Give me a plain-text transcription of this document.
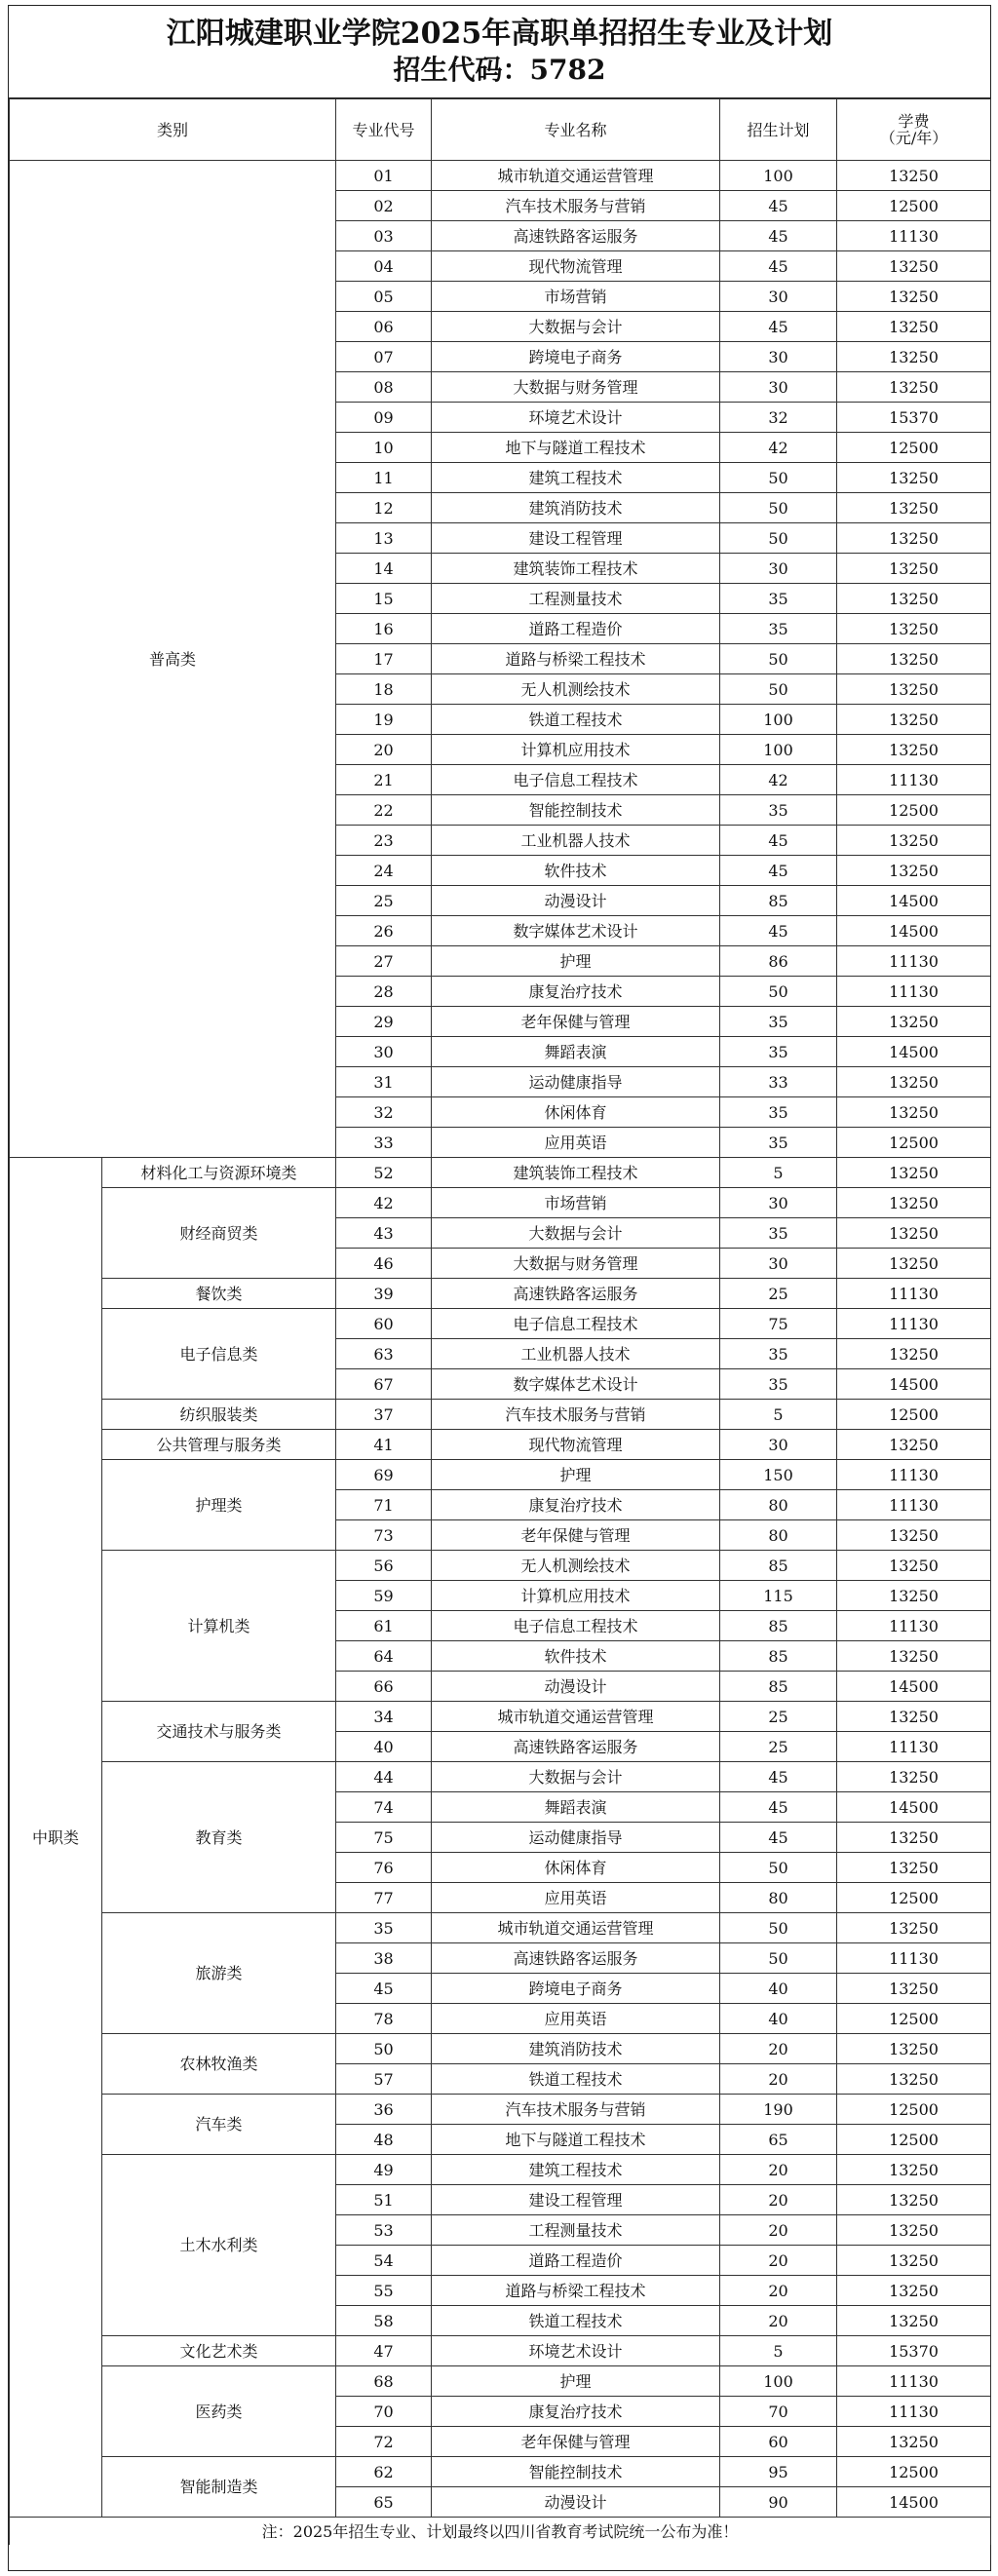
江阳城建职业学院2025年高职单招招生专业及计划
招生代码：5782
类别		专业代号	专业名称	招生计划	学费
（元/年）

普高类		01	城市轨道交通运营管理	100	13250
		02	汽车技术服务与营销	45	12500
		03	高速铁路客运服务	45	11130
		04	现代物流管理	45	13250
		05	市场营销	30	13250
		06	大数据与会计	45	13250
		07	跨境电子商务	30	13250
		08	大数据与财务管理	30	13250
		09	环境艺术设计	32	15370
		10	地下与隧道工程技术	42	12500
		11	建筑工程技术	50	13250
		12	建筑消防技术	50	13250
		13	建设工程管理	50	13250
		14	建筑装饰工程技术	30	13250
		15	工程测量技术	35	13250
		16	道路工程造价	35	13250
		17	道路与桥梁工程技术	50	13250
		18	无人机测绘技术	50	13250
		19	铁道工程技术	100	13250
		20	计算机应用技术	100	13250
		21	电子信息工程技术	42	11130
		22	智能控制技术	35	12500
		23	工业机器人技术	45	13250
		24	软件技术	45	13250
		25	动漫设计	85	14500
		26	数字媒体艺术设计	45	14500
		27	护理	86	11130
		28	康复治疗技术	50	11130
		29	老年保健与管理	35	13250
		30	舞蹈表演	35	14500
		31	运动健康指导	33	13250
		32	休闲体育	35	13250
		33	应用英语	35	12500
中职类	材料化工与资源环境类	52	建筑装饰工程技术	5	13250
	财经商贸类	42	市场营销	30	13250
		43	大数据与会计	35	13250
		46	大数据与财务管理	30	13250
	餐饮类	39	高速铁路客运服务	25	11130
	电子信息类	60	电子信息工程技术	75	11130
		63	工业机器人技术	35	13250
		67	数字媒体艺术设计	35	14500
	纺织服装类	37	汽车技术服务与营销	5	12500
	公共管理与服务类	41	现代物流管理	30	13250
	护理类	69	护理	150	11130
		71	康复治疗技术	80	11130
		73	老年保健与管理	80	13250
	计算机类	56	无人机测绘技术	85	13250
		59	计算机应用技术	115	13250
		61	电子信息工程技术	85	11130
		64	软件技术	85	13250
		66	动漫设计	85	14500
	交通技术与服务类	34	城市轨道交通运营管理	25	13250
		40	高速铁路客运服务	25	11130
	教育类	44	大数据与会计	45	13250
		74	舞蹈表演	45	14500
		75	运动健康指导	45	13250
		76	休闲体育	50	13250
		77	应用英语	80	12500
	旅游类	35	城市轨道交通运营管理	50	13250
		38	高速铁路客运服务	50	11130
		45	跨境电子商务	40	13250
		78	应用英语	40	12500
	农林牧渔类	50	建筑消防技术	20	13250
		57	铁道工程技术	20	13250
	汽车类	36	汽车技术服务与营销	190	12500
		48	地下与隧道工程技术	65	12500
	土木水利类	49	建筑工程技术	20	13250
		51	建设工程管理	20	13250
		53	工程测量技术	20	13250
		54	道路工程造价	20	13250
		55	道路与桥梁工程技术	20	13250
		58	铁道工程技术	20	13250
	文化艺术类	47	环境艺术设计	5	15370
	医药类	68	护理	100	11130
		70	康复治疗技术	70	11130
		72	老年保健与管理	60	13250
	智能制造类	62	智能控制技术	95	12500
		65	动漫设计	90	14500
注：2025年招生专业、计划最终以四川省教育考试院统一公布为准！					
